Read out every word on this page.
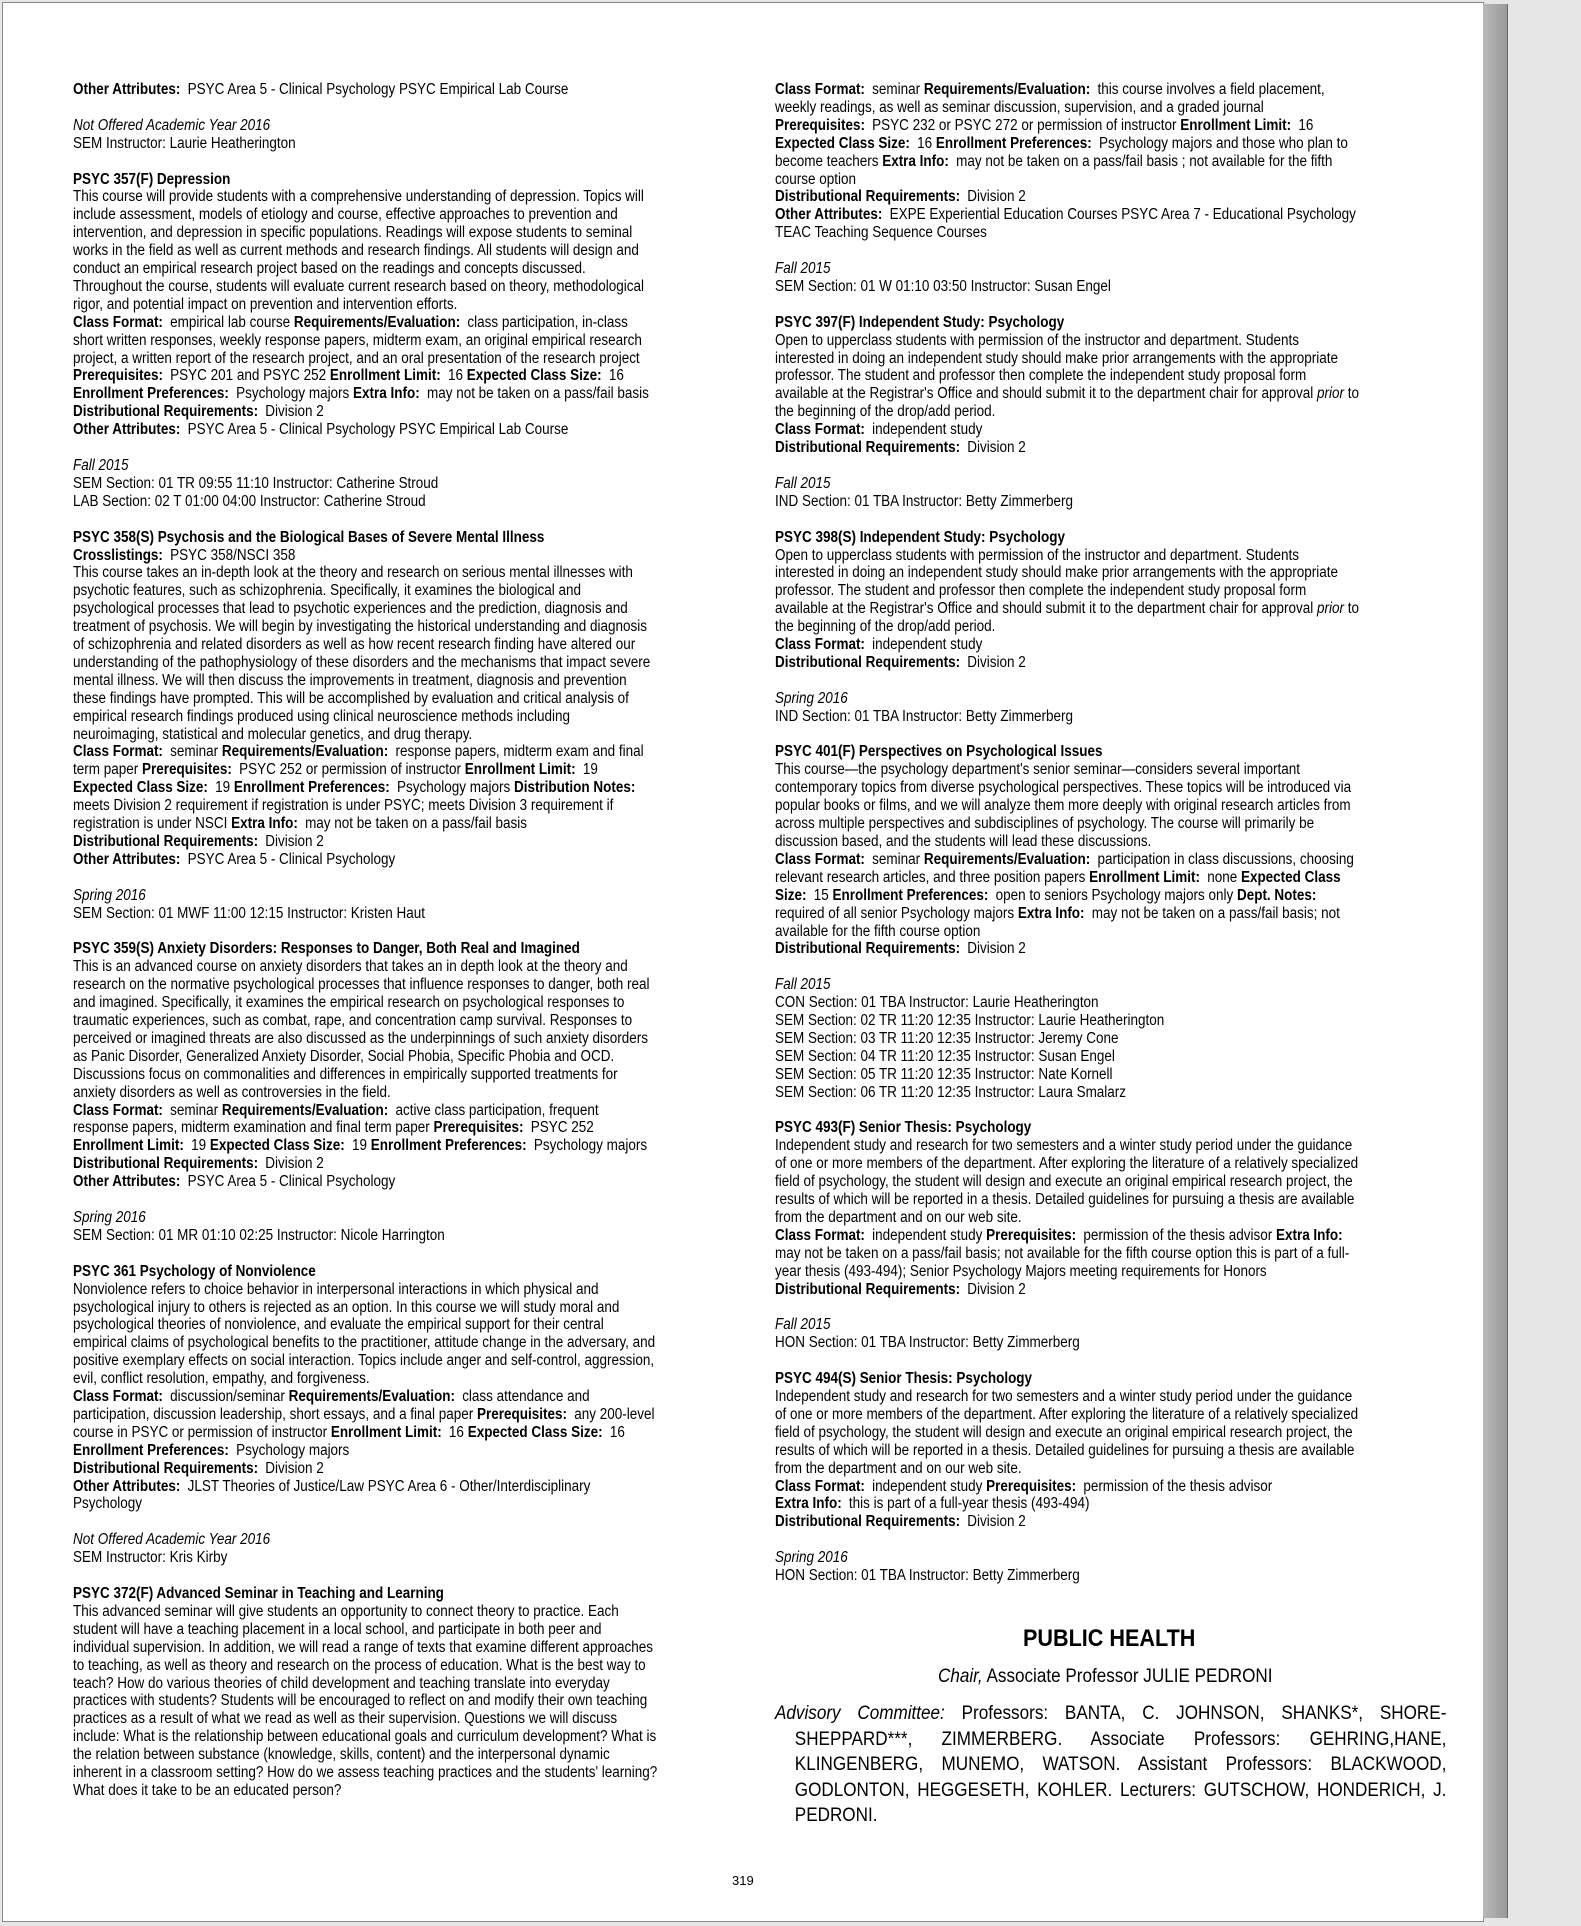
Other Attributes: PSYC Area 5 - Clinical Psychology PSYC Empirical Lab Course

Not Offered Academic Year 2016

SEM Instructor: Laurie Heatherington

PSYC 357(F) Depression

This course will provide students with a comprehensive understanding of depression. Topics will include assessment, models of etiology and course, effective approaches to prevention and intervention, and depression in specific populations. Readings will expose students to seminal works in the field as well as current methods and research findings. All students will design and conduct an empirical research project based on the readings and concepts discussed. Throughout the course, students will evaluate current research based on theory, methodological rigor, and potential impact on prevention and intervention efforts.

Class Format: empirical lab course Requirements/Evaluation: class participation, in-class short written responses, weekly response papers, midterm exam, an original empirical research project, a written report of the research project, and an oral presentation of the research project Prerequisites: PSYC 201 and PSYC 252 Enrollment Limit: 16 Expected Class Size: 16 Enrollment Preferences: Psychology majors Extra Info: may not be taken on a pass/fail basis

Distributional Requirements: Division 2

Other Attributes: PSYC Area 5 - Clinical Psychology PSYC Empirical Lab Course

Fall 2015

SEM Section: 01 TR 09:55 11:10 Instructor: Catherine Stroud

LAB Section: 02 T 01:00 04:00 Instructor: Catherine Stroud

PSYC 358(S) Psychosis and the Biological Bases of Severe Mental Illness

Crosslistings: PSYC 358/NSCI 358

This course takes an in-depth look at the theory and research on serious mental illnesses with psychotic features, such as schizophrenia. Specifically, it examines the biological and psychological processes that lead to psychotic experiences and the prediction, diagnosis and treatment of psychosis. We will begin by investigating the historical understanding and diagnosis of schizophrenia and related disorders as well as how recent research finding have altered our understanding of the pathophysiology of these disorders and the mechanisms that impact severe mental illness. We will then discuss the improvements in treatment, diagnosis and prevention these findings have prompted. This will be accomplished by evaluation and critical analysis of empirical research findings produced using clinical neuroscience methods including neuroimaging, statistical and molecular genetics, and drug therapy.

Class Format: seminar Requirements/Evaluation: response papers, midterm exam and final term paper Prerequisites: PSYC 252 or permission of instructor Enrollment Limit: 19 Expected Class Size: 19 Enrollment Preferences: Psychology majors Distribution Notes: meets Division 2 requirement if registration is under PSYC; meets Division 3 requirement if registration is under NSCI Extra Info: may not be taken on a pass/fail basis

Distributional Requirements: Division 2

Other Attributes: PSYC Area 5 - Clinical Psychology

Spring 2016

SEM Section: 01 MWF 11:00 12:15 Instructor: Kristen Haut

PSYC 359(S) Anxiety Disorders: Responses to Danger, Both Real and Imagined

This is an advanced course on anxiety disorders that takes an in depth look at the theory and research on the normative psychological processes that influence responses to danger, both real and imagined. Specifically, it examines the empirical research on psychological responses to traumatic experiences, such as combat, rape, and concentration camp survival. Responses to perceived or imagined threats are also discussed as the underpinnings of such anxiety disorders as Panic Disorder, Generalized Anxiety Disorder, Social Phobia, Specific Phobia and OCD. Discussions focus on commonalities and differences in empirically supported treatments for anxiety disorders as well as controversies in the field.

Class Format: seminar Requirements/Evaluation: active class participation, frequent response papers, midterm examination and final term paper Prerequisites: PSYC 252 Enrollment Limit: 19 Expected Class Size: 19 Enrollment Preferences: Psychology majors

Distributional Requirements: Division 2

Other Attributes: PSYC Area 5 - Clinical Psychology

Spring 2016

SEM Section: 01 MR 01:10 02:25 Instructor: Nicole Harrington

PSYC 361 Psychology of Nonviolence

Nonviolence refers to choice behavior in interpersonal interactions in which physical and psychological injury to others is rejected as an option. In this course we will study moral and psychological theories of nonviolence, and evaluate the empirical support for their central empirical claims of psychological benefits to the practitioner, attitude change in the adversary, and positive exemplary effects on social interaction. Topics include anger and self-control, aggression, evil, conflict resolution, empathy, and forgiveness.

Class Format: discussion/seminar Requirements/Evaluation: class attendance and participation, discussion leadership, short essays, and a final paper Prerequisites: any 200-level course in PSYC or permission of instructor Enrollment Limit: 16 Expected Class Size: 16 Enrollment Preferences: Psychology majors

Distributional Requirements: Division 2

Other Attributes: JLST Theories of Justice/Law PSYC Area 6 - Other/Interdisciplinary Psychology

Not Offered Academic Year 2016

SEM Instructor: Kris Kirby

PSYC 372(F) Advanced Seminar in Teaching and Learning

This advanced seminar will give students an opportunity to connect theory to practice. Each student will have a teaching placement in a local school, and participate in both peer and individual supervision. In addition, we will read a range of texts that examine different approaches to teaching, as well as theory and research on the process of education. What is the best way to teach? How do various theories of child development and teaching translate into everyday practices with students? Students will be encouraged to reflect on and modify their own teaching practices as a result of what we read as well as their supervision. Questions we will discuss include: What is the relationship between educational goals and curriculum development? What is the relation between substance (knowledge, skills, content) and the interpersonal dynamic inherent in a classroom setting? How do we assess teaching practices and the students' learning? What does it take to be an educated person?

Class Format: seminar Requirements/Evaluation: this course involves a field placement, weekly readings, as well as seminar discussion, supervision, and a graded journal Prerequisites: PSYC 232 or PSYC 272 or permission of instructor Enrollment Limit: 16 Expected Class Size: 16 Enrollment Preferences: Psychology majors and those who plan to become teachers Extra Info: may not be taken on a pass/fail basis ; not available for the fifth course option

Distributional Requirements: Division 2

Other Attributes: EXPE Experiential Education Courses PSYC Area 7 - Educational Psychology TEAC Teaching Sequence Courses

Fall 2015

SEM Section: 01 W 01:10 03:50 Instructor: Susan Engel

PSYC 397(F) Independent Study: Psychology

Open to upperclass students with permission of the instructor and department. Students interested in doing an independent study should make prior arrangements with the appropriate professor. The student and professor then complete the independent study proposal form available at the Registrar's Office and should submit it to the department chair for approval prior to the beginning of the drop/add period.

Class Format: independent study

Distributional Requirements: Division 2

Fall 2015

IND Section: 01 TBA Instructor: Betty Zimmerberg

PSYC 398(S) Independent Study: Psychology

Open to upperclass students with permission of the instructor and department. Students interested in doing an independent study should make prior arrangements with the appropriate professor. The student and professor then complete the independent study proposal form available at the Registrar's Office and should submit it to the department chair for approval prior to the beginning of the drop/add period.

Class Format: independent study

Distributional Requirements: Division 2

Spring 2016

IND Section: 01 TBA Instructor: Betty Zimmerberg

PSYC 401(F) Perspectives on Psychological Issues

This course—the psychology department's senior seminar—considers several important contemporary topics from diverse psychological perspectives. These topics will be introduced via popular books or films, and we will analyze them more deeply with original research articles from across multiple perspectives and subdisciplines of psychology. The course will primarily be discussion based, and the students will lead these discussions.

Class Format: seminar Requirements/Evaluation: participation in class discussions, choosing relevant research articles, and three position papers Enrollment Limit: none Expected Class Size: 15 Enrollment Preferences: open to seniors Psychology majors only Dept. Notes: required of all senior Psychology majors Extra Info: may not be taken on a pass/fail basis; not available for the fifth course option

Distributional Requirements: Division 2

Fall 2015

CON Section: 01 TBA Instructor: Laurie Heatherington

SEM Section: 02 TR 11:20 12:35 Instructor: Laurie Heatherington

SEM Section: 03 TR 11:20 12:35 Instructor: Jeremy Cone

SEM Section: 04 TR 11:20 12:35 Instructor: Susan Engel

SEM Section: 05 TR 11:20 12:35 Instructor: Nate Kornell

SEM Section: 06 TR 11:20 12:35 Instructor: Laura Smalarz

PSYC 493(F) Senior Thesis: Psychology

Independent study and research for two semesters and a winter study period under the guidance of one or more members of the department. After exploring the literature of a relatively specialized field of psychology, the student will design and execute an original empirical research project, the results of which will be reported in a thesis. Detailed guidelines for pursuing a thesis are available from the department and on our web site.

Class Format: independent study Prerequisites: permission of the thesis advisor Extra Info: may not be taken on a pass/fail basis; not available for the fifth course option this is part of a full-year thesis (493-494); Senior Psychology Majors meeting requirements for Honors

Distributional Requirements: Division 2

Fall 2015

HON Section: 01 TBA Instructor: Betty Zimmerberg

PSYC 494(S) Senior Thesis: Psychology

Independent study and research for two semesters and a winter study period under the guidance of one or more members of the department. After exploring the literature of a relatively specialized field of psychology, the student will design and execute an original empirical research project, the results of which will be reported in a thesis. Detailed guidelines for pursuing a thesis are available from the department and on our web site.

Class Format: independent study Prerequisites: permission of the thesis advisor

Extra Info: this is part of a full-year thesis (493-494)

Distributional Requirements: Division 2

Spring 2016

HON Section: 01 TBA Instructor: Betty Zimmerberg

PUBLIC HEALTH
Chair, Associate Professor JULIE PEDRONI
Advisory Committee: Professors: BANTA, C. JOHNSON, SHANKS*, SHORE-SHEPPARD***, ZIMMERBERG. Associate Professors: GEHRING,HANE, KLINGENBERG, MUNEMO, WATSON. Assistant Professors: BLACKWOOD, GODLONTON, HEGGESETH, KOHLER. Lecturers: GUTSCHOW, HONDERICH, J. PEDRONI.
319
